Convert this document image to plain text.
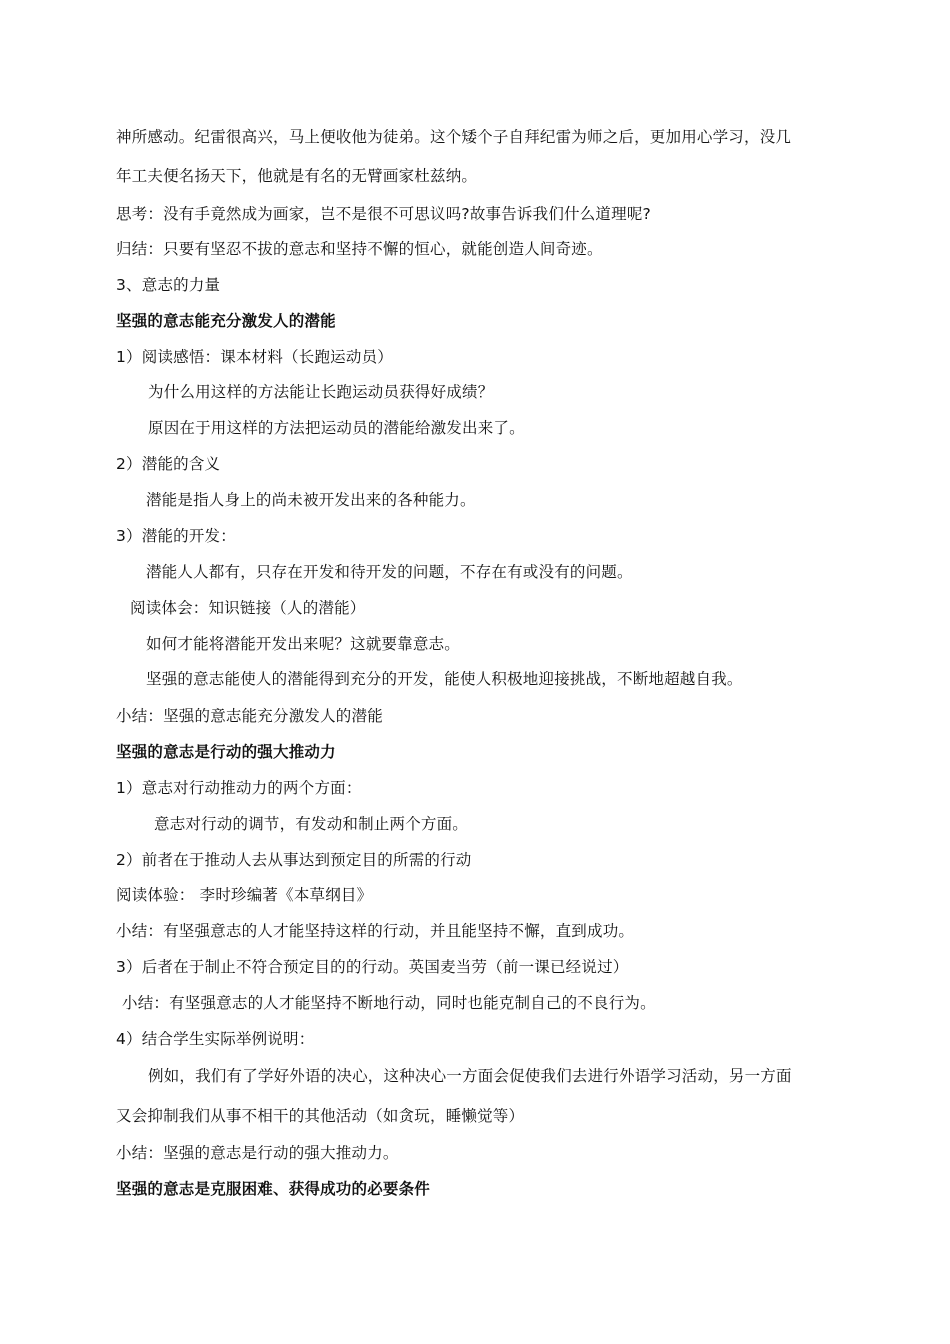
神所感动。纪雷很高兴，马上便收他为徒弟。这个矮个子自拜纪雷为师之后，更加用心学习，没几
年工夫便名扬天下，他就是有名的无臂画家杜兹纳。
思考：没有手竟然成为画家，岂不是很不可思议吗?故事告诉我们什么道理呢?
归结：只要有坚忍不拔的意志和坚持不懈的恒心，就能创造人间奇迹。
3、意志的力量
坚强的意志能充分激发人的潜能
1）阅读感悟：课本材料（长跑运动员）
为什么用这样的方法能让长跑运动员获得好成绩？
原因在于用这样的方法把运动员的潜能给激发出来了。
2）潜能的含义
潜能是指人身上的尚未被开发出来的各种能力。
3）潜能的开发：
潜能人人都有，只存在开发和待开发的问题，不存在有或没有的问题。
阅读体会：知识链接（人的潜能）
如何才能将潜能开发出来呢？这就要靠意志。
坚强的意志能使人的潜能得到充分的开发，能使人积极地迎接挑战，不断地超越自我。
小结：坚强的意志能充分激发人的潜能
坚强的意志是行动的强大推动力
1）意志对行动推动力的两个方面：
意志对行动的调节，有发动和制止两个方面。
2）前者在于推动人去从事达到预定目的所需的行动
阅读体验： 李时珍编著《本草纲目》
小结：有坚强意志的人才能坚持这样的行动，并且能坚持不懈，直到成功。
3）后者在于制止不符合预定目的的行动。英国麦当劳（前一课已经说过）
小结：有坚强意志的人才能坚持不断地行动，同时也能克制自己的不良行为。
4）结合学生实际举例说明：
例如，我们有了学好外语的决心，这种决心一方面会促使我们去进行外语学习活动，另一方面
又会抑制我们从事不相干的其他活动（如贪玩，睡懒觉等）
小结：坚强的意志是行动的强大推动力。
坚强的意志是克服困难、获得成功的必要条件
